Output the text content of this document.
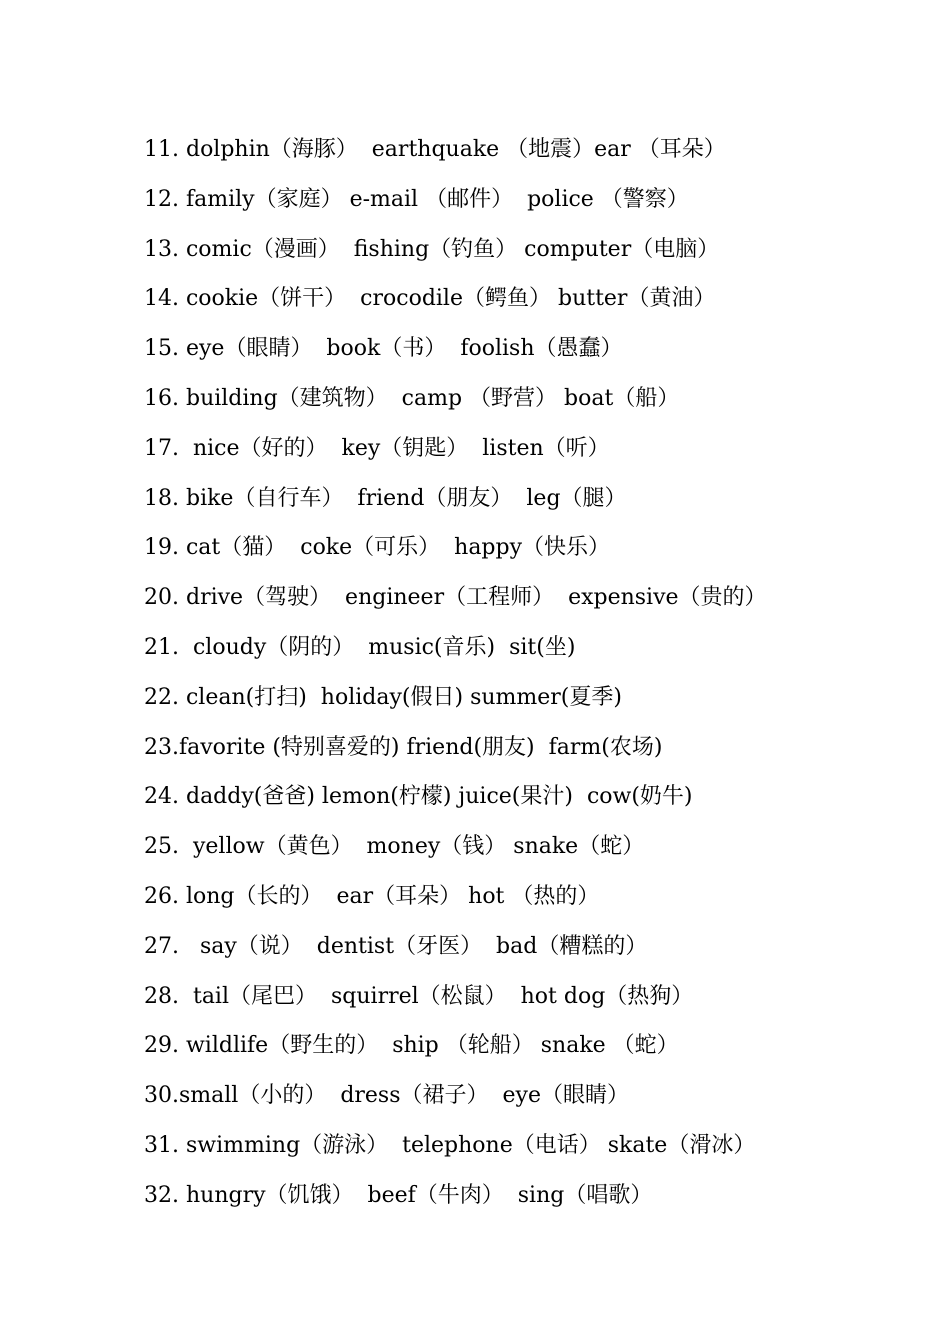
11. dolphin（海豚）  earthquake （地震）ear （耳朵）
12. family（家庭） e-mail （邮件）  police （警察）
13. comic（漫画）  fishing（钓鱼） computer（电脑）
14. cookie（饼干）  crocodile（鳄鱼） butter（黄油）
15. eye（眼睛）  book（书）  foolish（愚蠢）
16. building（建筑物）  camp （野营） boat（船）
17.  nice（好的）  key（钥匙）  listen（听）
18. bike（自行车）  friend（朋友）  leg（腿）
19. cat（猫）  coke（可乐）  happy（快乐）
20. drive（驾驶）  engineer（工程师）  expensive（贵的）
21.  cloudy（阴的）  music(音乐)  sit(坐)
22. clean(打扫)  holiday(假日) summer(夏季)
23.favorite (特别喜爱的) friend(朋友)  farm(农场)
24. daddy(爸爸) lemon(柠檬) juice(果汁)  cow(奶牛)
25.  yellow（黄色）  money（钱） snake（蛇）
26. long（长的）  ear（耳朵） hot （热的）
27.   say（说）  dentist（牙医）  bad（糟糕的）
28.  tail（尾巴）  squirrel（松鼠）  hot dog（热狗）
29. wildlife（野生的）  ship （轮船） snake （蛇）
30.small（小的）  dress（裙子）  eye（眼睛）
31. swimming（游泳）  telephone（电话） skate（滑冰）
32. hungry（饥饿）  beef（牛肉）  sing（唱歌）
